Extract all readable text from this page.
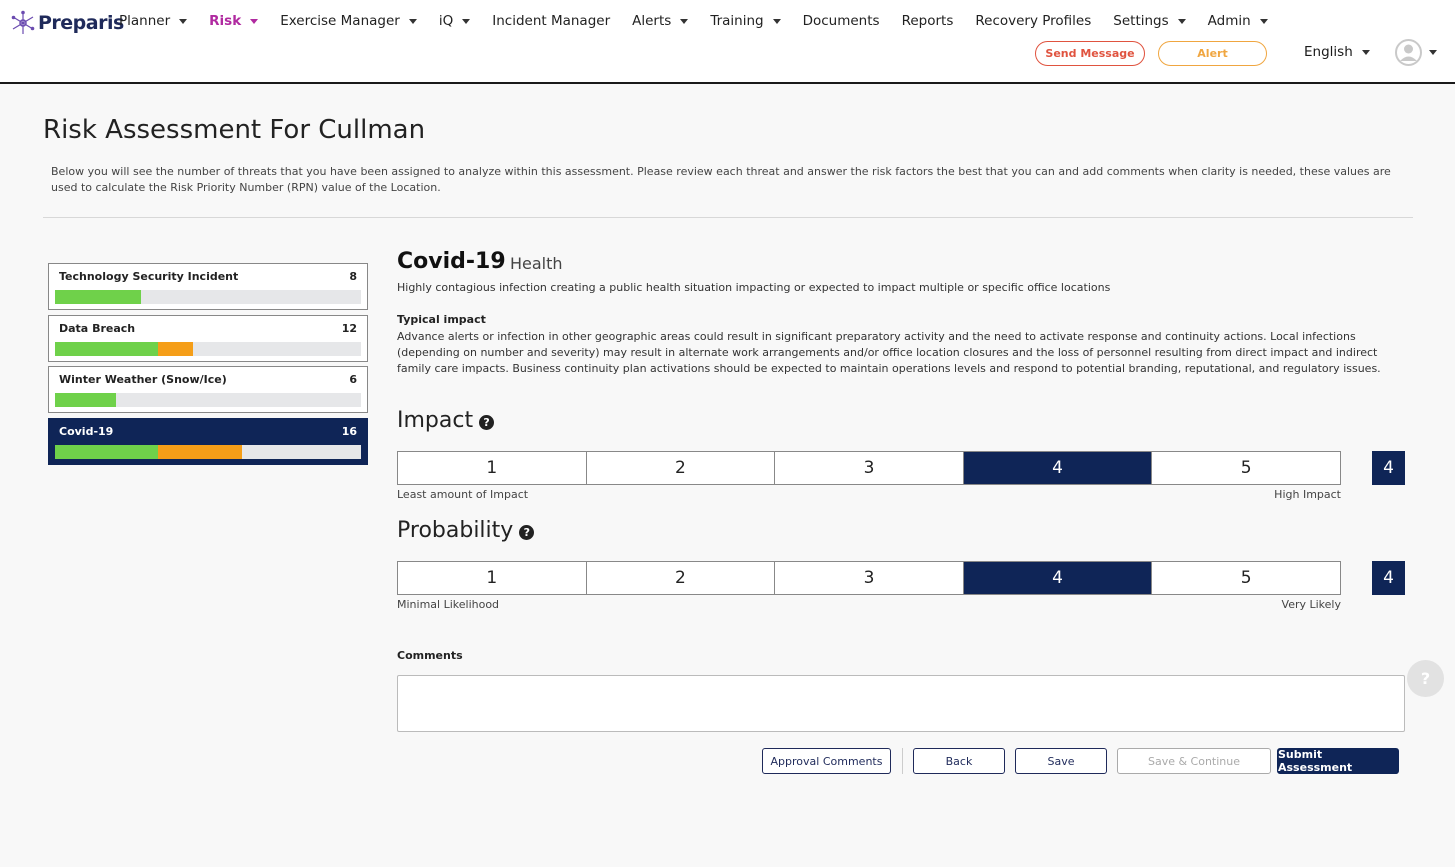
Preparis
Planner	Risk	Exercise Manager	iQ	Incident Manager Alerts	Training	Documents Reports Recovery Profiles Settings	Admin
Send Message	Alert	English
Risk Assessment For Cullman

Below you will see the number of threats that you have been assigned to analyze within this assessment. Please review each threat and answer the risk factors the best that you can and add comments when clarity is needed, these values are used to calculate the Risk Priority Number (RPN) value of the Location.

Technology Security Incident	8
Data Breach	12
Winter Weather (Snow/Ice)	6
Covid-19	16
Covid-19 Health
Highly contagious infection creating a public health situation impacting or expected to impact multiple or specific office locations
Typical impact
Advance alerts or infection in other geographic areas could result in significant preparatory activity and the need to activate response and continuity actions. Local infections (depending on number and severity) may result in alternate work arrangements and/or office location closures and the loss of personnel resulting from direct impact and indirect family care impacts. Business continuity plan activations should be expected to maintain operations levels and respond to potential branding, reputational, and regulatory issues.
Impact ?
1	2	3	4	5	4
Least amount of Impact	High Impact
Probability ?
1	2	3	4	5	4
Minimal Likelihood	Very Likely
Comments
Approval Comments	Back	Save	Save & Continue	Submit Assessment
?
